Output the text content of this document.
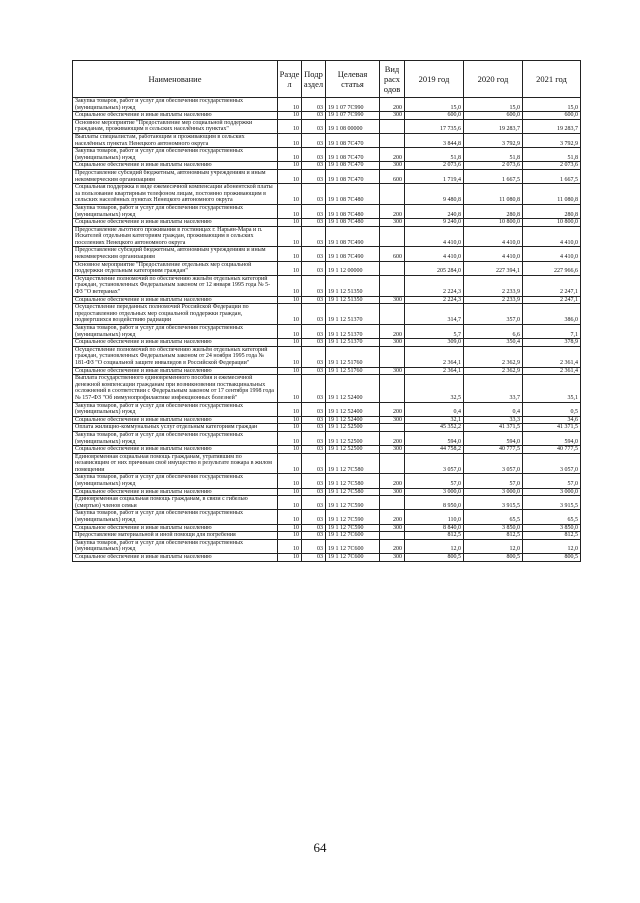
Наименование	Разде л	Подр аздел	Целевая статья	Вид расх одов	2019 год	2020 год	2021 год
Закупка товаров, работ и услуг для обеспечения государственных (муниципальных) нужд	10	03	19 1 07 7С990	200	15,0	15,0	15,0
Социальное обеспечение и иные выплаты населению	10	03	19 1 07 7С990	300	600,0	600,0	600,0
Основное мероприятие "Предоставление мер социальной поддержки гражданам, проживающим в сельских населённых пунктах"	10	03	19 1 08 00000		17 735,6	19 283,7	19 283,7
Выплаты специалистам, работающим и проживающим в сельских населённых пунктах Ненецкого автономного округа	10	03	19 1 08 7С470		3 844,8	3 792,9	3 792,9
Закупка товаров, работ и услуг для обеспечения государственных (муниципальных) нужд	10	03	19 1 08 7С470	200	51,8	51,8	51,8
Социальное обеспечение и иные выплаты населению	10	03	19 1 08 7С470	300	2 073,6	2 073,6	2 073,6
Предоставление субсидий бюджетным, автономным учреждениям и иным некоммерческим организациям	10	03	19 1 08 7С470	600	1 719,4	1 667,5	1 667,5
Социальная поддержка в виде ежемесячной компенсации абонентской платы за пользование квартирным телефоном лицам, постоянно проживающим в сельских населённых пунктах Ненецкого автономного округа	10	03	19 1 08 7С480		9 480,8	11 080,8	11 080,8
Закупка товаров, работ и услуг для обеспечения государственных (муниципальных) нужд	10	03	19 1 08 7С480	200	240,8	280,8	280,8
Социальное обеспечение и иные выплаты населению	10	03	19 1 08 7С480	300	9 240,0	10 800,0	10 800,0
Предоставление льготного проживания в гостиницах г. Нарьян-Мара и п. Искателей отдельным категориям граждан, проживающим в сельских поселениях Ненецкого автономного округа	10	03	19 1 08 7С490		4 410,0	4 410,0	4 410,0
Предоставление субсидий бюджетным, автономным учреждениям и иным некоммерческим организациям	10	03	19 1 08 7С490	600	4 410,0	4 410,0	4 410,0
Основное мероприятие "Предоставление отдельных мер социальной поддержки отдельным категориям граждан"	10	03	19 1 12 00000		205 284,0	227 394,1	227 966,6
Осуществление полномочий по обеспечению жильём отдельных категорий граждан, установленных Федеральным законом от 12 января 1995 года № 5-ФЗ "О ветеранах"	10	03	19 1 12 51350		2 224,3	2 233,9	2 247,1
Социальное обеспечение и иные выплаты населению	10	03	19 1 12 51350	300	2 224,3	2 233,9	2 247,1
Осуществление переданных полномочий Российской Федерации по предоставлению отдельных мер социальной поддержки граждан, подвергшихся воздействию радиации	10	03	19 1 12 51370		314,7	357,0	386,0
Закупка товаров, работ и услуг для обеспечения государственных (муниципальных) нужд	10	03	19 1 12 51370	200	5,7	6,6	7,1
Социальное обеспечение и иные выплаты населению	10	03	19 1 12 51370	300	309,0	350,4	378,9
Осуществление полномочий по обеспечению жильём отдельных категорий граждан, установленных Федеральным законом от 24 ноября 1995 года № 181-ФЗ "О социальной защите инвалидов в Российской Федерации"	10	03	19 1 12 51760		2 364,1	2 362,9	2 361,4
Социальное обеспечение и иные выплаты населению	10	03	19 1 12 51760	300	2 364,1	2 362,9	2 361,4
Выплата государственного единовременного пособия и ежемесячной денежной компенсации гражданам при возникновении поствакцинальных осложнений в соответствии с Федеральным законом от 17 сентября 1998 года № 157-ФЗ "Об иммунопрофилактике инфекционных болезней"	10	03	19 1 12 52400		32,5	33,7	35,1
Закупка товаров, работ и услуг для обеспечения государственных (муниципальных) нужд	10	03	19 1 12 52400	200	0,4	0,4	0,5
Социальное обеспечение и иные выплаты населению	10	03	19 1 12 52400	300	32,1	33,3	34,6
Оплата жилищно-коммунальных услуг отдельным категориям граждан	10	03	19 1 12 52500		45 352,2	41 371,5	41 371,5
Закупка товаров, работ и услуг для обеспечения государственных (муниципальных) нужд	10	03	19 1 12 52500	200	594,0	594,0	594,0
Социальное обеспечение и иные выплаты населению	10	03	19 1 12 52500	300	44 758,2	40 777,5	40 777,5
Единовременная социальная помощь гражданам, утратившим по независящим от них причинам своё имущество в результате пожара в жилом помещении	10	03	19 1 12 7С580		3 057,0	3 057,0	3 057,0
Закупка товаров, работ и услуг для обеспечения государственных (муниципальных) нужд	10	03	19 1 12 7С580	200	57,0	57,0	57,0
Социальное обеспечение и иные выплаты населению	10	03	19 1 12 7С580	300	3 000,0	3 000,0	3 000,0
Единовременная социальная помощь гражданам, в связи с гибелью (смертью) членов семьи	10	03	19 1 12 7С590		8 950,0	3 915,5	3 915,5
Закупка товаров, работ и услуг для обеспечения государственных (муниципальных) нужд	10	03	19 1 12 7С590	200	110,0	65,5	65,5
Социальное обеспечение и иные выплаты населению	10	03	19 1 12 7С590	300	8 840,0	3 850,0	3 850,0
Предоставление материальной и иной помощи для погребения	10	03	19 1 12 7С600		812,5	812,5	812,5
Закупка товаров, работ и услуг для обеспечения государственных (муниципальных) нужд	10	03	19 1 12 7С600	200	12,0	12,0	12,0
Социальное обеспечение и иные выплаты населению	10	03	19 1 12 7С600	300	800,5	800,5	800,5
64
